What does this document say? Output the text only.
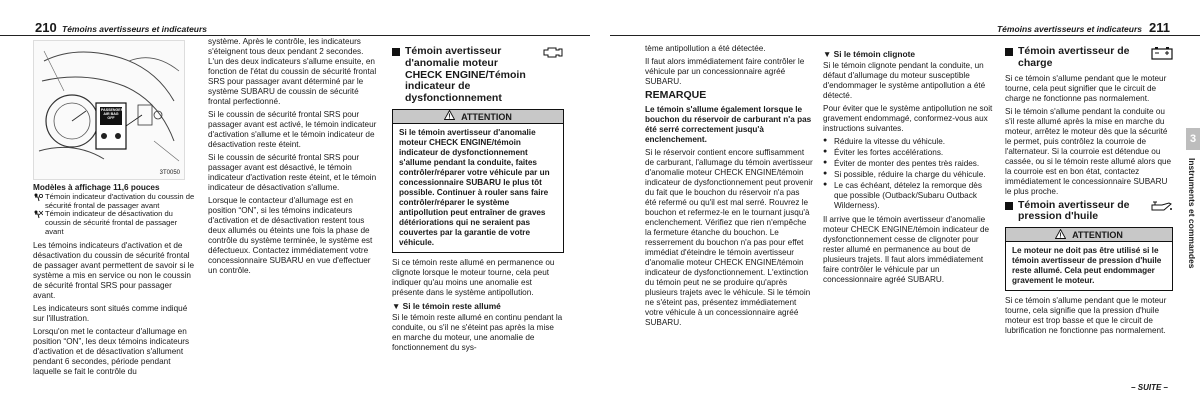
210 Témoins avertisseurs et indicateurs
PASSENGER
AIR BAG
OFF
3T0050
Modèles à affichage 11,6 pouces
Témoin indicateur d'activation du coussin de sécurité frontal de passager avant
Témoin indicateur de désactivation du coussin de sécurité frontal de passager avant

Les témoins indicateurs d'activation et de désactivation du coussin de sécurité frontal de passager avant permettent de savoir si le système a mis en service ou non le coussin de sécurité frontal SRS pour passager avant.

Les indicateurs sont situés comme indiqué sur l'illustration.

Lorsqu'on met le contacteur d'allumage en position “ON”, les deux témoins indicateurs d'activation et de désactivation s'allument pendant 6 secondes, période pendant laquelle se fait le contrôle du

système. Après le contrôle, les indicateurs s'éteignent tous deux pendant 2 secondes. L'un des deux indicateurs s'allume ensuite, en fonction de l'état du coussin de sécurité frontal SRS pour passager avant déterminé par le système SUBARU de coussin de sécurité frontal perfectionné.

Si le coussin de sécurité frontal SRS pour passager avant est activé, le témoin indicateur d'activation s'allume et le témoin indicateur de désactivation reste éteint.

Si le coussin de sécurité frontal SRS pour passager avant est désactivé, le témoin indicateur d'activation reste éteint, et le témoin indicateur de désactivation s'allume.

Lorsque le contacteur d'allumage est en position “ON”, si les témoins indicateurs d'activation et de désactivation restent tous deux allumés ou éteints une fois la phase de contrôle du système terminée, le système est défectueux. Contactez immédiatement votre concessionnaire SUBARU en vue d'effectuer un contrôle.

Témoin avertisseur d'anomalie moteur CHECK ENGINE/Témoin indicateur de dysfonctionnement
! ATTENTION
Si le témoin avertisseur d'anomalie moteur CHECK ENGINE/témoin indicateur de dysfonctionnement s'allume pendant la conduite, faites contrôler/réparer votre véhicule par un concessionnaire SUBARU le plus tôt possible. Continuer à rouler sans faire contrôler/réparer le système antipollution peut entraîner de graves détériorations qui ne seraient pas couvertes par la garantie de votre véhicule.

Si ce témoin reste allumé en permanence ou clignote lorsque le moteur tourne, cela peut indiquer qu'au moins une anomalie est présente dans le système antipollution.

▼ Si le témoin reste allumé

Si le témoin reste allumé en continu pendant la conduite, ou s'il ne s'éteint pas après la mise en marche du moteur, une anomalie de fonctionnement du sys-

Témoins avertisseurs et indicateurs 211

tème antipollution a été détectée.

Il faut alors immédiatement faire contrôler le véhicule par un concessionnaire agréé SUBARU.

REMARQUE

Le témoin s'allume également lorsque le bouchon du réservoir de carburant n'a pas été serré correctement jusqu'à enclenchement.

Si le réservoir contient encore suffisamment de carburant, l'allumage du témoin avertisseur d'anomalie moteur CHECK ENGINE/témoin indicateur de dysfonctionnement peut provenir du fait que le bouchon du réservoir n'a pas été refermé ou qu'il est mal serré. Rouvrez le bouchon et refermez-le en le tournant jusqu'à enclenchement. Vérifiez que rien n'empêche la fermeture étanche du bouchon. Le resserrement du bouchon n'a pas pour effet immédiat d'éteindre le témoin avertisseur d'anomalie moteur CHECK ENGINE/témoin indicateur de dysfonctionnement. L'extinction du témoin peut ne se produire qu'après plusieurs trajets avec le véhicule. Si le témoin ne s'éteint pas, présentez immédiatement votre véhicule à un concessionnaire agréé SUBARU.

▼ Si le témoin clignote

Si le témoin clignote pendant la conduite, un défaut d'allumage du moteur susceptible d'endommager le système antipollution a été détecté.

Pour éviter que le système antipollution ne soit gravement endommagé, conformez-vous aux instructions suivantes.

● Réduire la vitesse du véhicule.
● Éviter les fortes accélérations.
● Éviter de monter des pentes très raides.
● Si possible, réduire la charge du véhicule.
● Le cas échéant, dételez la remorque dès que possible (Outback/Subaru Outback Wilderness).

Il arrive que le témoin avertisseur d'anomalie moteur CHECK ENGINE/témoin indicateur de dysfonctionnement cesse de clignoter pour rester allumé en permanence au bout de plusieurs trajets. Il faut alors immédiatement faire contrôler le véhicule par un concessionnaire agréé SUBARU.

Témoin avertisseur de charge

Si ce témoin s'allume pendant que le moteur tourne, cela peut signifier que le circuit de charge ne fonctionne pas normalement.

Si le témoin s'allume pendant la conduite ou s'il reste allumé après la mise en marche du moteur, arrêtez le moteur dès que la sécurité le permet, puis contrôlez la courroie de l'alternateur. Si la courroie est détendue ou cassée, ou si le témoin reste allumé alors que la courroie est en bon état, contactez immédiatement le concessionnaire SUBARU le plus proche.

Témoin avertisseur de pression d'huile
! ATTENTION
Le moteur ne doit pas être utilisé si le témoin avertisseur de pression d'huile reste allumé. Cela peut endommager gravement le moteur.

Si ce témoin s'allume pendant que le moteur tourne, cela signifie que la pression d'huile moteur est trop basse et que le circuit de lubrification ne fonctionne pas normalement.

3
Instruments et commandes
– SUITE –
